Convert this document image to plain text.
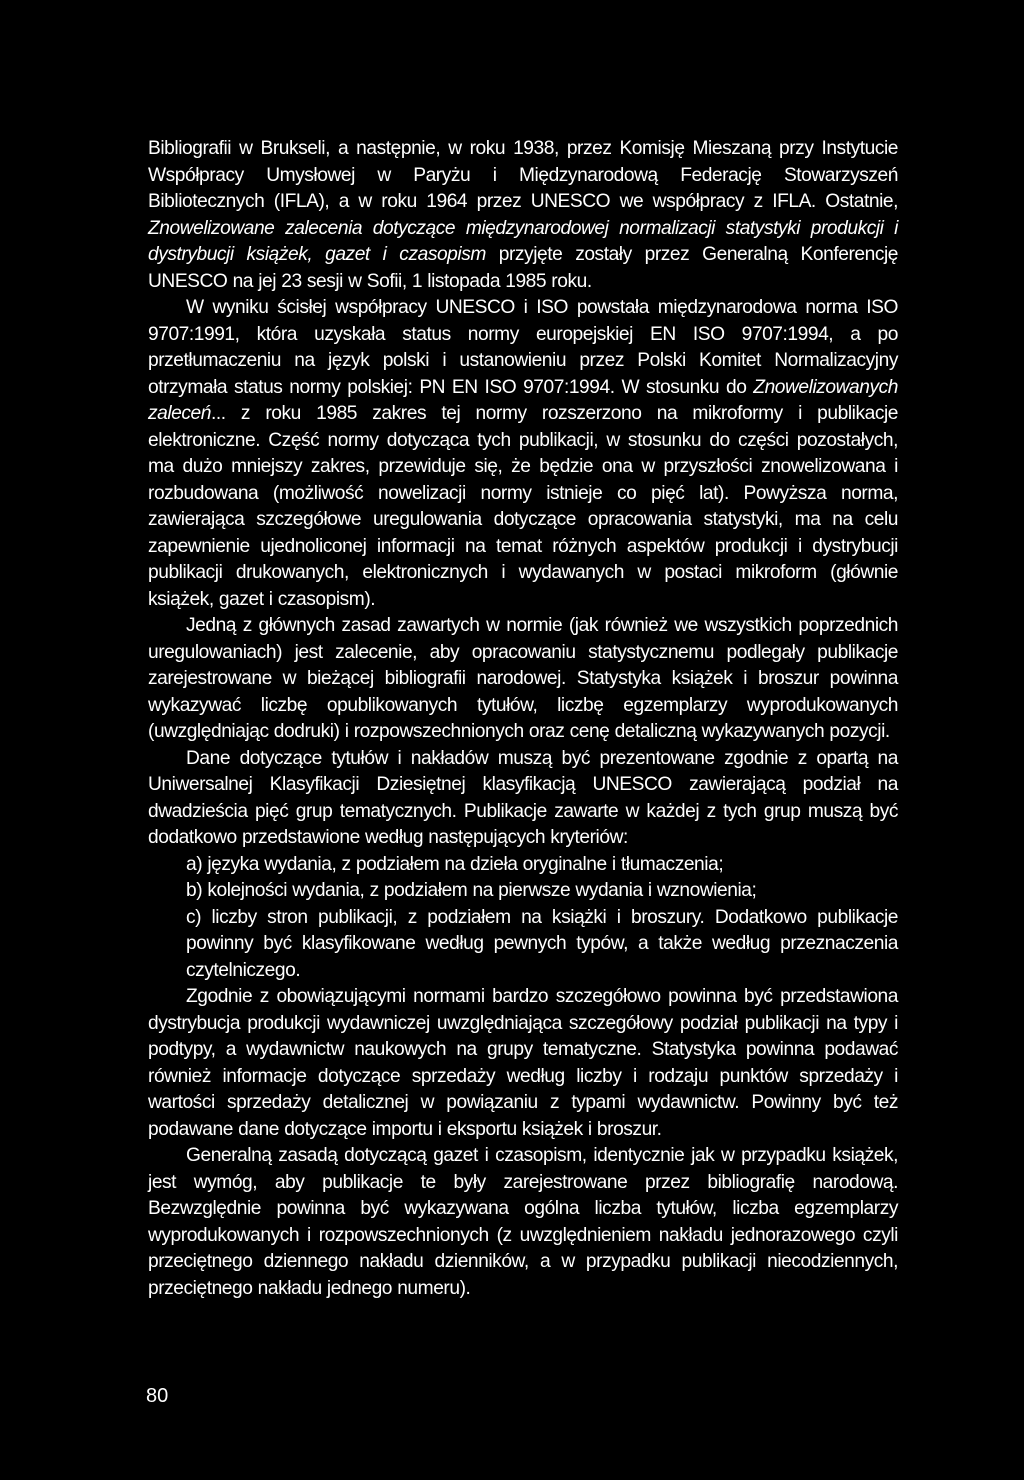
Bibliografii w Brukseli, a następnie, w roku 1938, przez Komisję Mieszaną przy Instytucie Współpracy Umysłowej w Paryżu i Międzynarodową Federację Stowarzyszeń Bibliotecznych (IFLA), a w roku 1964 przez UNESCO we współpracy z IFLA. Ostatnie, Znowelizowane zalecenia dotyczące międzynarodowej normalizacji statystyki produkcji i dystrybucji książek, gazet i czasopism przyjęte zostały przez Generalną Konferencję UNESCO na jej 23 sesji w Sofii, 1 listopada 1985 roku.

W wyniku ścisłej współpracy UNESCO i ISO powstała międzynarodowa norma ISO 9707:1991, która uzyskała status normy europejskiej EN ISO 9707:1994, a po przetłumaczeniu na język polski i ustanowieniu przez Polski Komitet Normalizacyjny otrzymała status normy polskiej: PN EN ISO 9707:1994. W stosunku do Znowelizowanych zaleceń... z roku 1985 zakres tej normy rozszerzono na mikroformy i publikacje elektroniczne. Część normy dotycząca tych publikacji, w stosunku do części pozostałych, ma dużo mniejszy zakres, przewiduje się, że będzie ona w przyszłości znowelizowana i rozbudowana (możliwość nowelizacji normy istnieje co pięć lat). Powyższa norma, zawierająca szczegółowe uregulowania dotyczące opracowania statystyki, ma na celu zapewnienie ujednoliconej informacji na temat różnych aspektów produkcji i dystrybucji publikacji drukowanych, elektronicznych i wydawanych w postaci mikroform (głównie książek, gazet i czasopism).

Jedną z głównych zasad zawartych w normie (jak również we wszystkich poprzednich uregulowaniach) jest zalecenie, aby opracowaniu statystycznemu podlegały publikacje zarejestrowane w bieżącej bibliografii narodowej. Statystyka książek i broszur powinna wykazywać liczbę opublikowanych tytułów, liczbę egzemplarzy wyprodukowanych (uwzględniając dodruki) i rozpowszechnionych oraz cenę detaliczną wykazywanych pozycji.

Dane dotyczące tytułów i nakładów muszą być prezentowane zgodnie z opartą na Uniwersalnej Klasyfikacji Dziesiętnej klasyfikacją UNESCO zawierającą podział na dwadzieścia pięć grup tematycznych. Publikacje zawarte w każdej z tych grup muszą być dodatkowo przedstawione według następujących kryteriów:

a) języka wydania, z podziałem na dzieła oryginalne i tłumaczenia;

b) kolejności wydania, z podziałem na pierwsze wydania i wznowienia;

c) liczby stron publikacji, z podziałem na książki i broszury. Dodatkowo publikacje powinny być klasyfikowane według pewnych typów, a także według przeznaczenia czytelniczego.

Zgodnie z obowiązującymi normami bardzo szczegółowo powinna być przedstawiona dystrybucja produkcji wydawniczej uwzględniająca szczegółowy podział publikacji na typy i podtypy, a wydawnictw naukowych na grupy tematyczne. Statystyka powinna podawać również informacje dotyczące sprzedaży według liczby i rodzaju punktów sprzedaży i wartości sprzedaży detalicznej w powiązaniu z typami wydawnictw. Powinny być też podawane dane dotyczące importu i eksportu książek i broszur.

Generalną zasadą dotyczącą gazet i czasopism, identycznie jak w przypadku książek, jest wymóg, aby publikacje te były zarejestrowane przez bibliografię narodową. Bezwzględnie powinna być wykazywana ogólna liczba tytułów, liczba egzemplarzy wyprodukowanych i rozpowszechnionych (z uwzględnieniem nakładu jednorazowego czyli przeciętnego dziennego nakładu dzienników, a w przypadku publikacji niecodziennych, przeciętnego nakładu jednego numeru).

80
